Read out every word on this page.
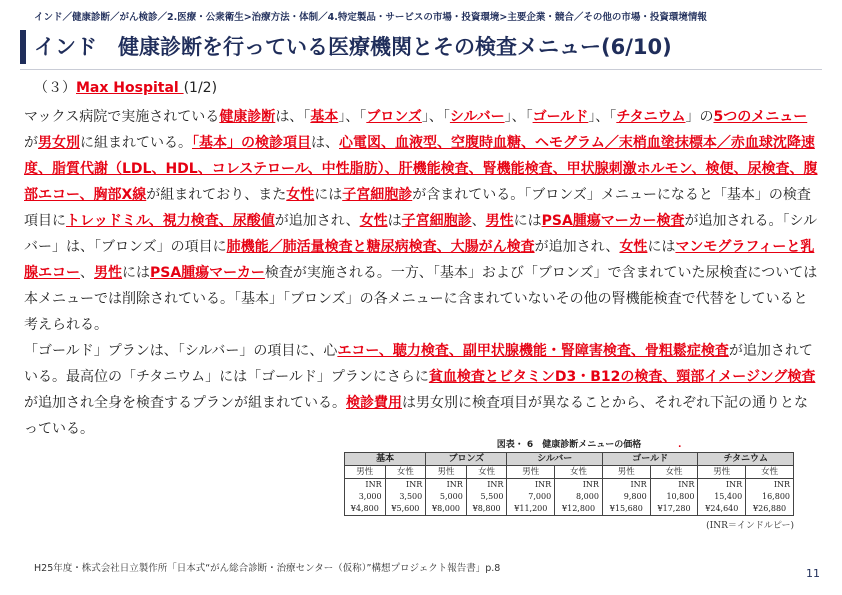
インド／健康診断／がん検診／2.医療・公衆衛生>治療方法・体制／4.特定製品・サービスの市場・投資環境>主要企業・競合／その他の市場・投資環境情報
インド　健康診断を行っている医療機関とその検査メニュー(6/10)
（３）Max Hospital (1/2)

マックス病院で実施されている健康診断は、「基本」、「ブロンズ」、「シルバー」、「ゴールド」、「チタニウム」の5つのメニューが男女別に組まれている。「基本」の検診項目は、心電図、血液型、空腹時血糖、ヘモグラム／末梢血塗抹標本／赤血球沈降速度、脂質代謝（LDL、HDL、コレステロール、中性脂肪）、肝機能検査、腎機能検査、甲状腺刺激ホルモン、検便、尿検査、腹部エコー、胸部X線が組まれており、また女性には子宮細胞診が含まれている。「ブロンズ」メニューになると「基本」の検査項目にトレッドミル、視力検査、尿酸値が追加され、女性は子宮細胞診、男性にはPSA腫瘍マーカー検査が追加される。「シルバー」は、「ブロンズ」の項目に肺機能／肺活量検査と糖尿病検査、大腸がん検査が追加され、女性にはマンモグラフィーと乳腺エコー、男性にはPSA腫瘍マーカー検査が実施される。一方、「基本」および「ブロンズ」で含まれていた尿検査については本メニューでは削除されている。「基本」「ブロンズ」の各メニューに含まれていないその他の腎機能検査で代替をしていると考えられる。

「ゴールド」プランは、「シルバー」の項目に、心エコー、聴力検査、副甲状腺機能・腎障害検査、骨粗鬆症検査が追加されている。最高位の「チタニウム」には「ゴールド」プランにさらに貧血検査とビタミンD3・B12の検査、頸部イメージング検査が追加され全身を検査するプランが組まれている。検診費用は男女別に検査項目が異なることから、それぞれ下記の通りとなっている。

図表・ 6　健康診断メニューの価格	.
基本		ブロンズ		シルバー		ゴールド		チタニウム	
男性	女性	男性	女性	男性	女性	男性	女性	男性	女性
INR	INR	INR	INR	INR	INR	INR	INR	INR	INR
3,000	3,500	5,000	5,500	7,000	8,000	9,800	10,800	15,400	16,800
¥4,800	¥5,600	¥8,000	¥8,800	¥11,200	¥12,800	¥15,680	¥17,280	¥24,640	¥26,880
(INR＝インドルピー)
H25年度・株式会社日立製作所「日本式“がん総合診断・治療センター（仮称）”構想プロジェクト報告書」p.8	11
